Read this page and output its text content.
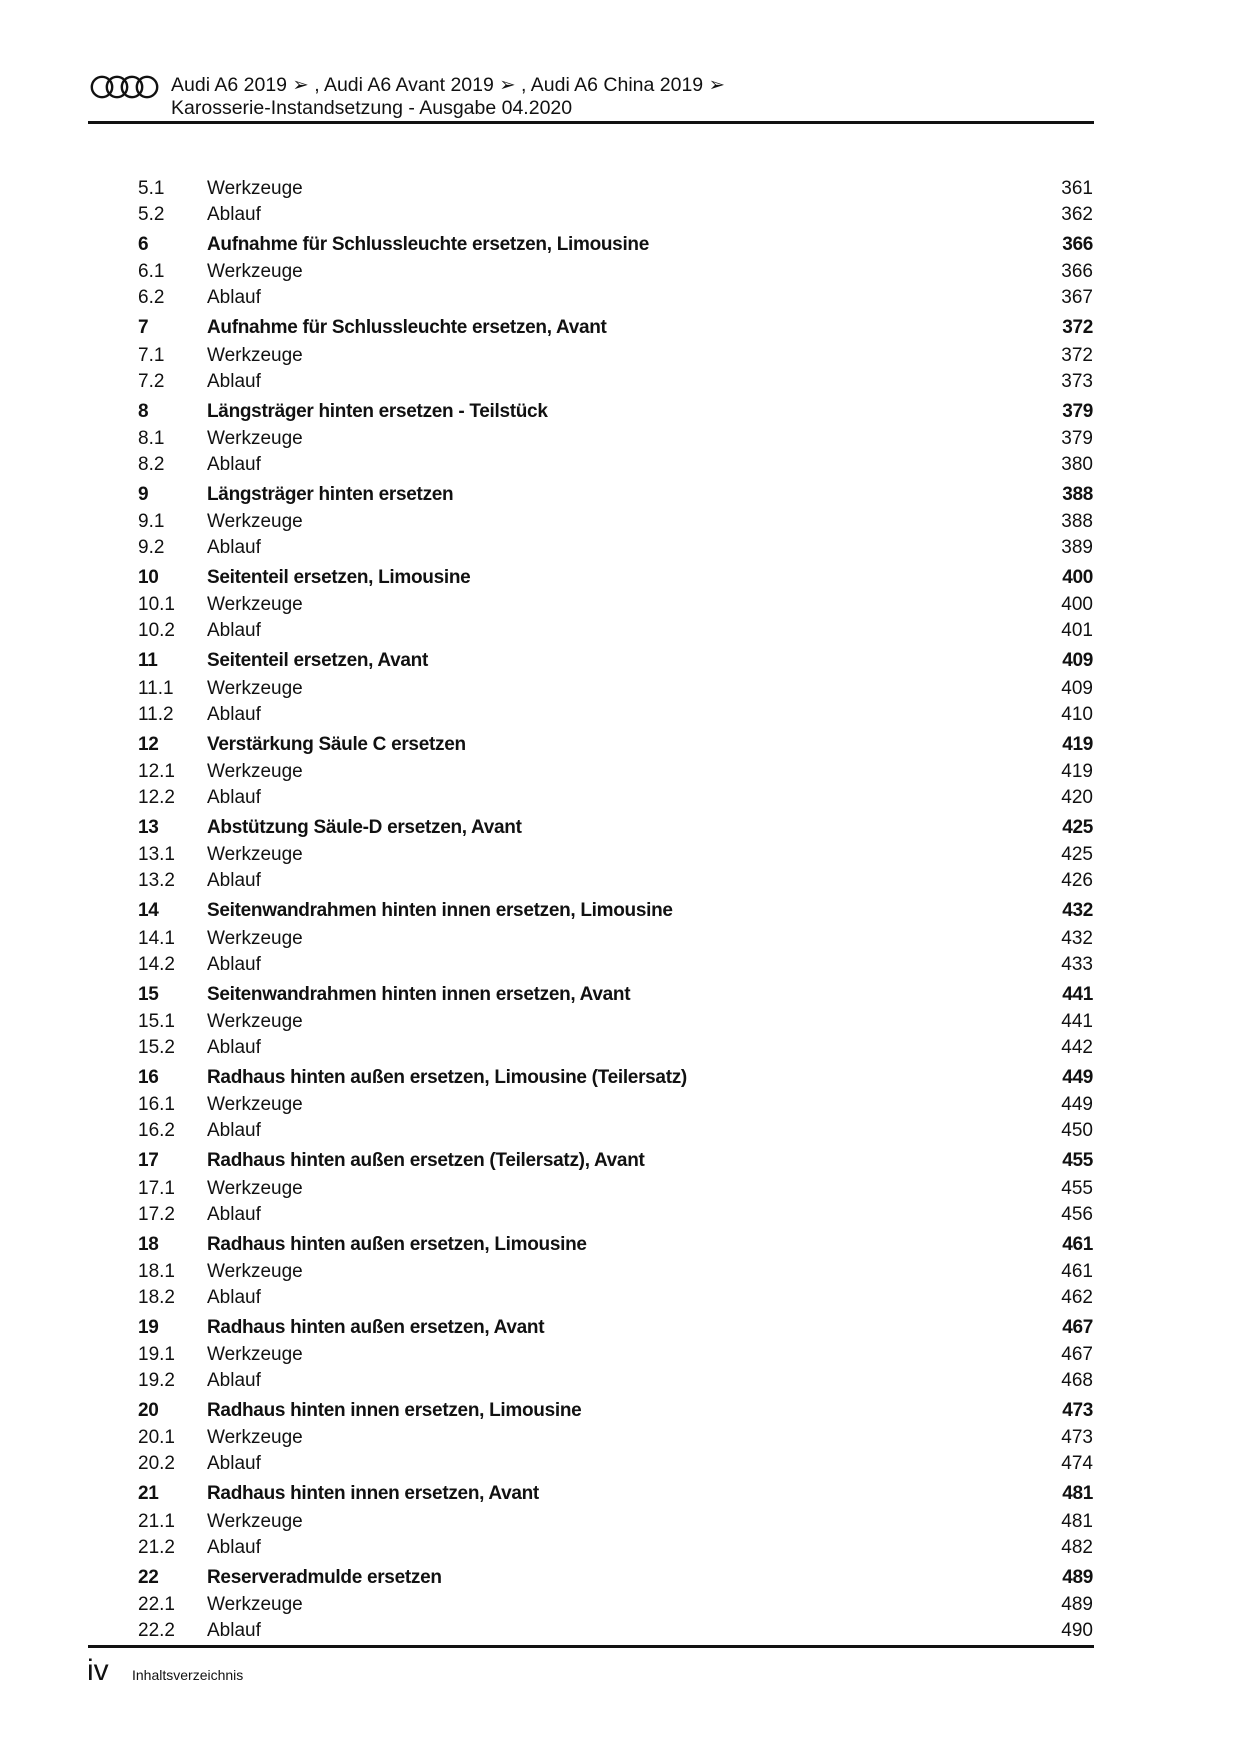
Audi A6 2019 ➢ , Audi A6 Avant 2019 ➢ , Audi A6 China 2019 ➢
Karosserie-Instandsetzung - Ausgabe 04.2020
5.1	Werkzeuge	361
5.2	Ablauf	362
6	Aufnahme für Schlussleuchte ersetzen, Limousine	366
6.1	Werkzeuge	366
6.2	Ablauf	367
7	Aufnahme für Schlussleuchte ersetzen, Avant	372
7.1	Werkzeuge	372
7.2	Ablauf	373
8	Längsträger hinten ersetzen - Teilstück	379
8.1	Werkzeuge	379
8.2	Ablauf	380
9	Längsträger hinten ersetzen	388
9.1	Werkzeuge	388
9.2	Ablauf	389
10	Seitenteil ersetzen, Limousine	400
10.1	Werkzeuge	400
10.2	Ablauf	401
11	Seitenteil ersetzen, Avant	409
11.1	Werkzeuge	409
11.2	Ablauf	410
12	Verstärkung Säule C ersetzen	419
12.1	Werkzeuge	419
12.2	Ablauf	420
13	Abstützung Säule-D ersetzen, Avant	425
13.1	Werkzeuge	425
13.2	Ablauf	426
14	Seitenwandrahmen hinten innen ersetzen, Limousine	432
14.1	Werkzeuge	432
14.2	Ablauf	433
15	Seitenwandrahmen hinten innen ersetzen, Avant	441
15.1	Werkzeuge	441
15.2	Ablauf	442
16	Radhaus hinten außen ersetzen, Limousine (Teilersatz)	449
16.1	Werkzeuge	449
16.2	Ablauf	450
17	Radhaus hinten außen ersetzen (Teilersatz), Avant	455
17.1	Werkzeuge	455
17.2	Ablauf	456
18	Radhaus hinten außen ersetzen, Limousine	461
18.1	Werkzeuge	461
18.2	Ablauf	462
19	Radhaus hinten außen ersetzen, Avant	467
19.1	Werkzeuge	467
19.2	Ablauf	468
20	Radhaus hinten innen ersetzen, Limousine	473
20.1	Werkzeuge	473
20.2	Ablauf	474
21	Radhaus hinten innen ersetzen, Avant	481
21.1	Werkzeuge	481
21.2	Ablauf	482
22	Reserveradmulde ersetzen	489
22.1	Werkzeuge	489
22.2	Ablauf	490
iv Inhaltsverzeichnis
